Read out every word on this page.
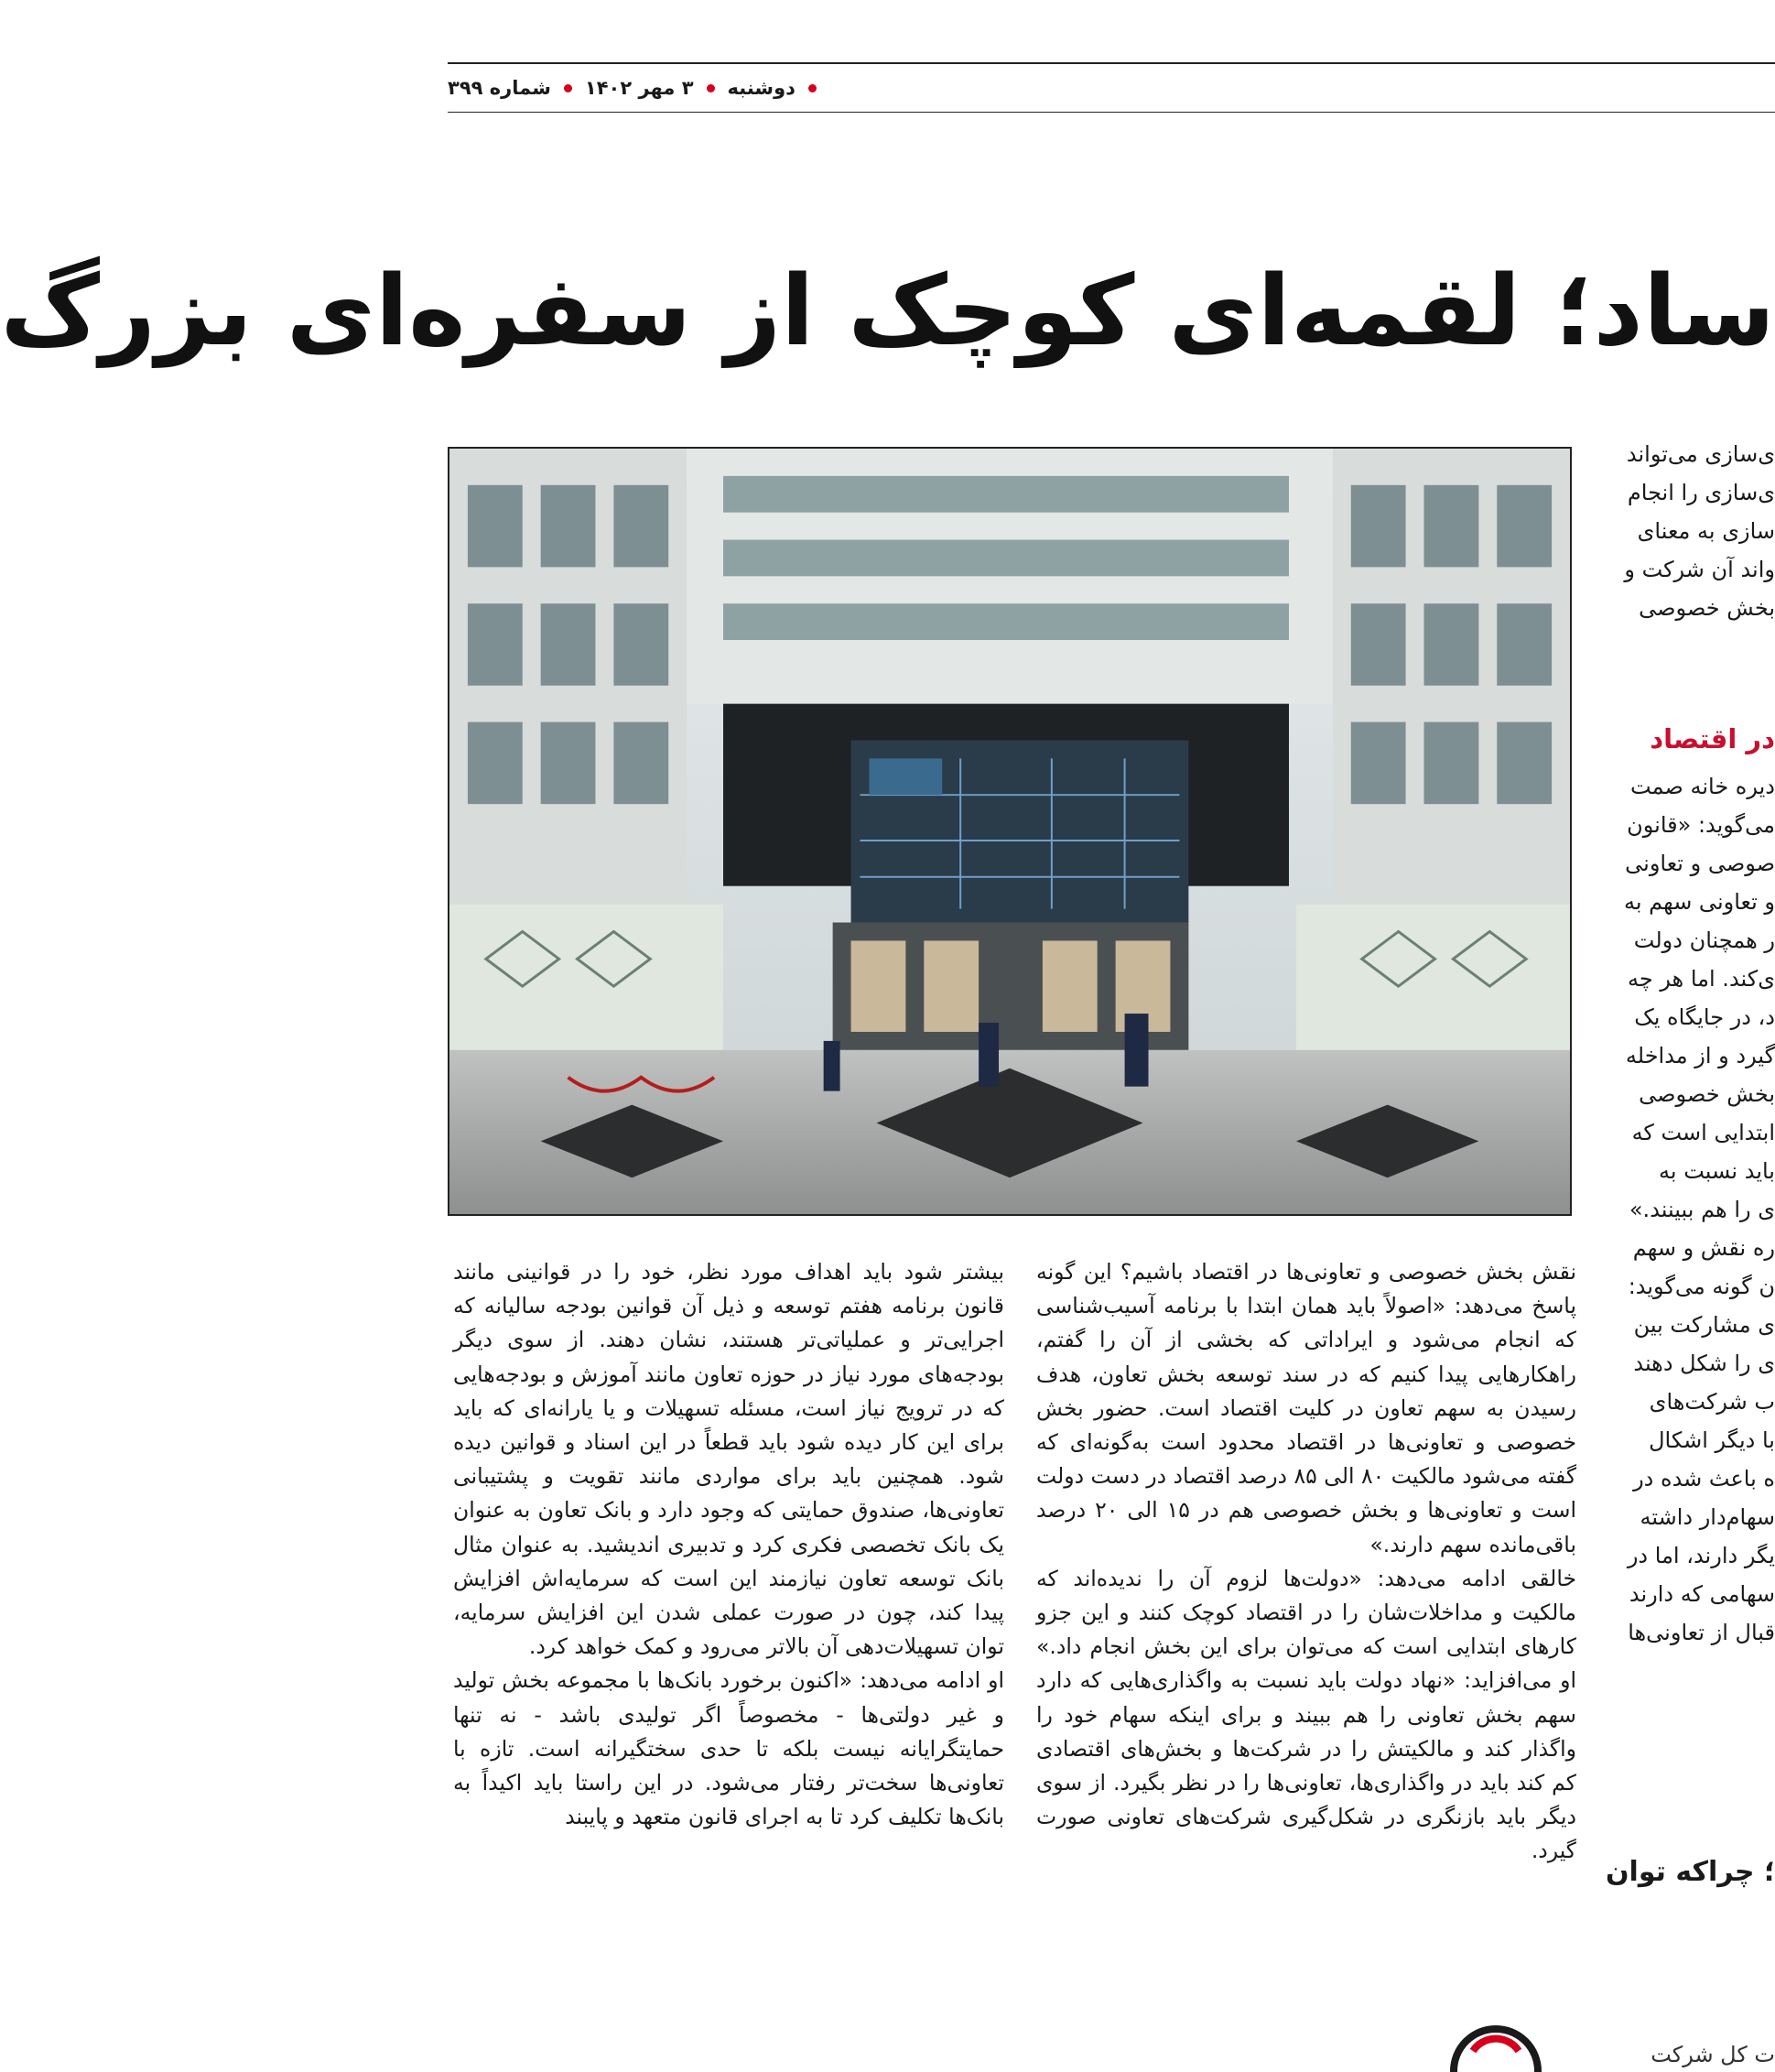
دوشنبه
۳ مهر ۱۴۰۲
شماره ۳۹۹
ساد؛ لقمه‌ای کوچک از سفره‌ای بزرگ
ی‌سازی می‌تواند
ی‌سازی را انجام
سازی به معنای
واند آن شرکت و
بخش خصوصی
در اقتصاد
دیره خانه صمت
می‌گوید: «قانون
صوصی و تعاونی
و تعاونی سهم به
ر همچنان دولت
ی‌کند. اما هر چه
د، در جایگاه یک
گیرد و از مداخله
بخش خصوصی
ابتدایی است که
باید نسبت به
ی را هم ببینند.»
ره نقش و سهم
ن گونه می‌گوید:
ی مشارکت بین
ی را شکل دهند
ب شرکت‌های
با دیگر اشکال
ه باعث شده در
سهام‌دار داشته
یگر دارند، اما در
سهامی که دارند
قبال از تعاونی‌ها
؛ چراکه توان

نقش بخش خصوصی و تعاونی‌ها در اقتصاد باشیم؟ این گونه پاسخ می‌دهد: «اصولاً باید همان ابتدا با برنامه آسیب‌شناسی که انجام می‌شود و ایراداتی که بخشی از آن را گفتم، راهکارهایی پیدا کنیم که در سند توسعه بخش تعاون، هدف رسیدن به سهم تعاون در کلیت اقتصاد است. حضور بخش خصوصی و تعاونی‌ها در اقتصاد محدود است به‌گونه‌ای که گفته می‌شود مالکیت ۸۰ الی ۸۵ درصد اقتصاد در دست دولت است و تعاونی‌ها و بخش خصوصی هم در ۱۵ الی ۲۰ درصد باقی‌مانده سهم دارند.»

خالقی ادامه می‌دهد: «دولت‌ها لزوم آن را ندیده‌اند که مالکیت و مداخلات‌شان را در اقتصاد کوچک کنند و این جزو کارهای ابتدایی است که می‌توان برای این بخش انجام داد.» او می‌افزاید: «نهاد دولت باید نسبت به واگذاری‌هایی که دارد سهم بخش تعاونی را هم ببیند و برای اینکه سهام خود را واگذار کند و مالکیتش را در شرکت‌ها و بخش‌های اقتصادی کم کند باید در واگذاری‌ها، تعاونی‌ها را در نظر بگیرد. از سوی دیگر باید بازنگری در شکل‌گیری شرکت‌های تعاونی صورت گیرد.

بیشتر شود باید اهداف مورد نظر، خود را در قوانینی مانند قانون برنامه هفتم توسعه و ذیل آن قوانین بودجه سالیانه که اجرایی‌تر و عملیاتی‌تر هستند، نشان دهند. از سوی دیگر بودجه‌های مورد نیاز در حوزه تعاون مانند آموزش و بودجه‌هایی که در ترویج نیاز است، مسئله تسهیلات و یا یارانه‌ای که باید برای این کار دیده شود باید قطعاً در این اسناد و قوانین دیده شود. همچنین باید برای مواردی مانند تقویت و پشتیبانی تعاونی‌ها، صندوق حمایتی که وجود دارد و بانک تعاون به عنوان یک بانک تخصصی فکری کرد و تدبیری اندیشید. به عنوان مثال بانک توسعه تعاون نیازمند این است که سرمایه‌اش افزایش پیدا کند، چون در صورت عملی شدن این افزایش سرمایه، توان تسهیلات‌دهی آن بالاتر می‌رود و کمک خواهد کرد.

او ادامه می‌دهد: «اکنون برخورد بانک‌ها با مجموعه بخش تولید و غیر دولتی‌ها - مخصوصاً اگر تولیدی باشد - نه تنها حمایتگرایانه نیست بلکه تا حدی سختگیرانه است. تازه با تعاونی‌ها سخت‌تر رفتار می‌شود. در این راستا باید اکیداً به بانک‌ها تکلیف کرد تا به اجرای قانون متعهد و پایبند

ت کل شرکت
